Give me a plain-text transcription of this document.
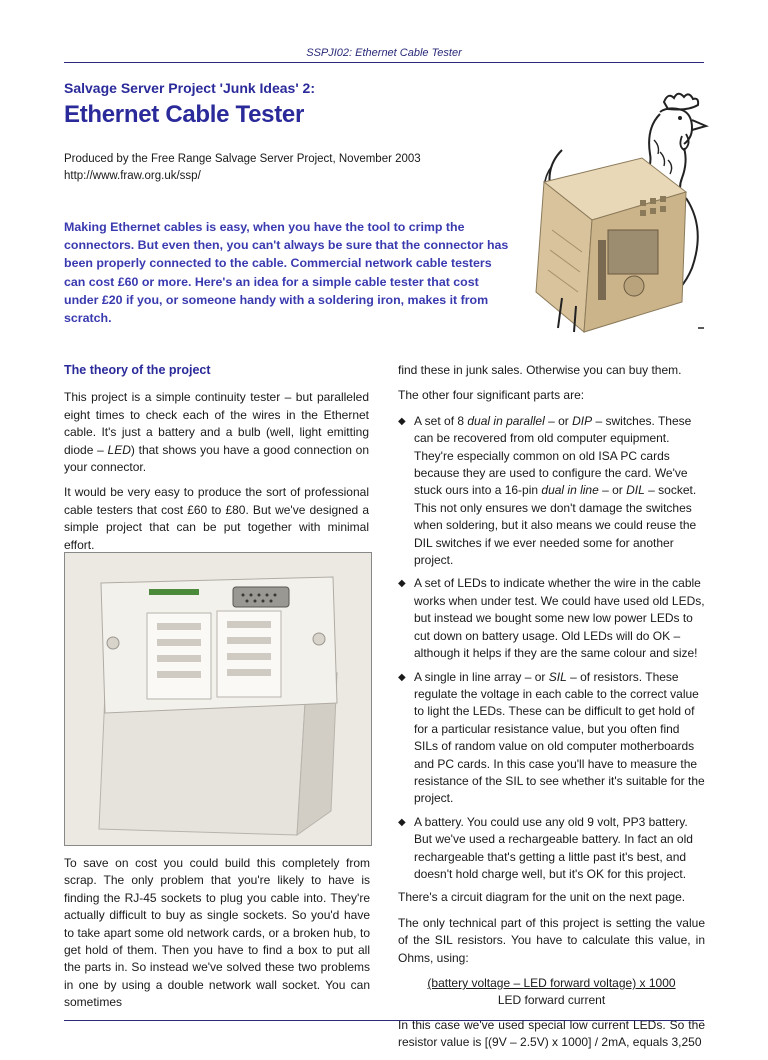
SSPJI02: Ethernet Cable Tester
Salvage Server Project 'Junk Ideas' 2:
Ethernet Cable Tester
Produced by the Free Range Salvage Server Project, November 2003
http://www.fraw.org.uk/ssp/
Making Ethernet cables is easy, when you have the tool to crimp the connectors. But even then, you can't always be sure that the connector has been properly connected to the cable. Commercial network cable testers can cost £60 or more. Here's an idea for a simple cable tester that cost under £20 if you, or someone handy with a soldering iron, makes it from scratch.
The theory of the project

This project is a simple continuity tester – but paralleled eight times to check each of the wires in the Ethernet cable. It's just a battery and a bulb (well, light emitting diode – LED) that shows you have a good connection on your connector.

It would be very easy to produce the sort of professional cable testers that cost £60 to £80. But we've designed a simple project that can be put together with minimal effort.

To save on cost you could build this completely from scrap. The only problem that you're likely to have is finding the RJ-45 sockets to plug you cable into. They're actually difficult to buy as single sockets. So you'd have to take apart some old network cards, or a broken hub, to get hold of them. Then you have to find a box to put all the parts in. So instead we've solved these two problems in one by using a double network wall socket. You can sometimes

find these in junk sales. Otherwise you can buy them.

The other four significant parts are:

◆ A set of 8 dual in parallel – or DIP – switches. These can be recovered from old computer equipment. They're especially common on old ISA PC cards because they are used to configure the card. We've stuck ours into a 16-pin dual in line – or DIL – socket. This not only ensures we don't damage the switches when soldering, but it also means we could reuse the DIL switches if we ever needed some for another project.
◆ A set of LEDs to indicate whether the wire in the cable works when under test. We could have used old LEDs, but instead we bought some new low power LEDs to cut down on battery usage. Old LEDs will do OK – although it helps if they are the same colour and size!
◆ A single in line array – or SIL – of resistors. These regulate the voltage in each cable to the correct value to light the LEDs. These can be difficult to get hold of for a particular resistance value, but you often find SILs of random value on old computer motherboards and PC cards. In this case you'll have to measure the resistance of the SIL to see whether it's suitable for the project.
◆ A battery. You could use any old 9 volt, PP3 battery. But we've used a rechargeable battery. In fact an old rechargeable that's getting a little past it's best, and doesn't hold charge well, but it's OK for this project.

There's a circuit diagram for the unit on the next page.

The only technical part of this project is setting the value of the SIL resistors. You have to calculate this value, in Ohms, using:

(battery voltage – LED forward voltage) x 1000
LED forward current

In this case we've used special low current LEDs. So the resistor value is [(9V – 2.5V) x 1000] / 2mA, equals 3,250
